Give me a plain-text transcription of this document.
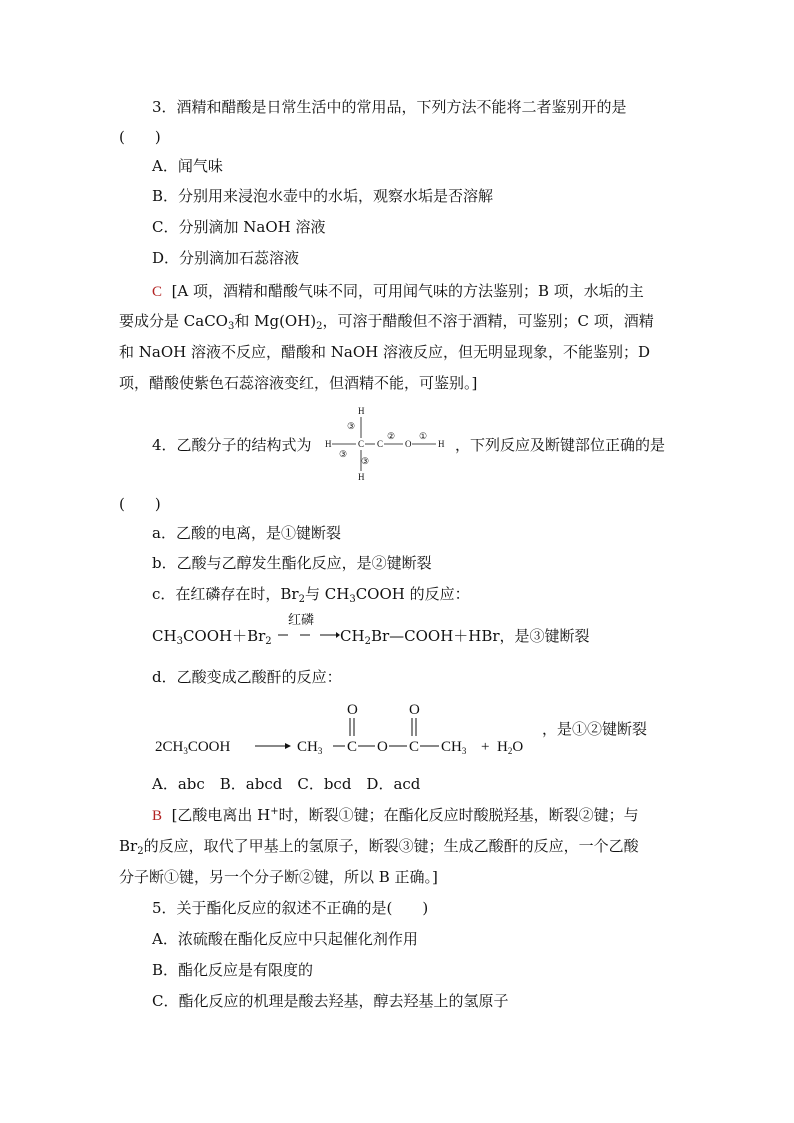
3．酒精和醋酸是日常生活中的常用品，下列方法不能将二者鉴别开的是
(　　)
A．闻气味
B．分别用来浸泡水壶中的水垢，观察水垢是否溶解
C．分别滴加 NaOH 溶液
D．分别滴加石蕊溶液
C [A 项，酒精和醋酸气味不同，可用闻气味的方法鉴别；B 项，水垢的主
要成分是 CaCO$_3$和 $Mg(OH)_2$，可溶于醋酸但不溶于酒精，可鉴别；C 项，酒精
和 NaOH 溶液不反应，醋酸和 NaOH 溶液反应，但无明显现象，不能鉴别；D
项，醋酸使紫色石蕊溶液变红，但酒精不能，可鉴别。]
4．乙酸分子的结构式为
H
H
H	C C O	H
③
③
③
②	① ，下列反应及断键部位正确的是
(　　)
a．乙酸的电离，是①键断裂
b．乙酸与乙醇发生酯化反应，是②键断裂
c．在红磷存在时，$Br_2$与 $CH_3COOH$ 的反应：
$CH_3COOH+Br_2$
红磷
$CH_2Br—COOH+HBr$，是③键断裂
d．乙酸变成乙酸酐的反应：
$2CH_3COOH$	$CH_3$ C O C $CH_3 + H_2O$
O	O
，是①②键断裂
A．abc　B．abcd　C．bcd　D．acd
B [乙酸电离出 H+时，断裂①键；在酯化反应时酸脱羟基，断裂②键；与
$Br_2$的反应，取代了甲基上的氢原子，断裂③键；生成乙酸酐的反应，一个乙酸
分子断①键，另一个分子断②键，所以 B 正确。]
5．关于酯化反应的叙述不正确的是(　　)
A．浓硫酸在酯化反应中只起催化剂作用
B．酯化反应是有限度的
C．酯化反应的机理是酸去羟基，醇去羟基上的氢原子
